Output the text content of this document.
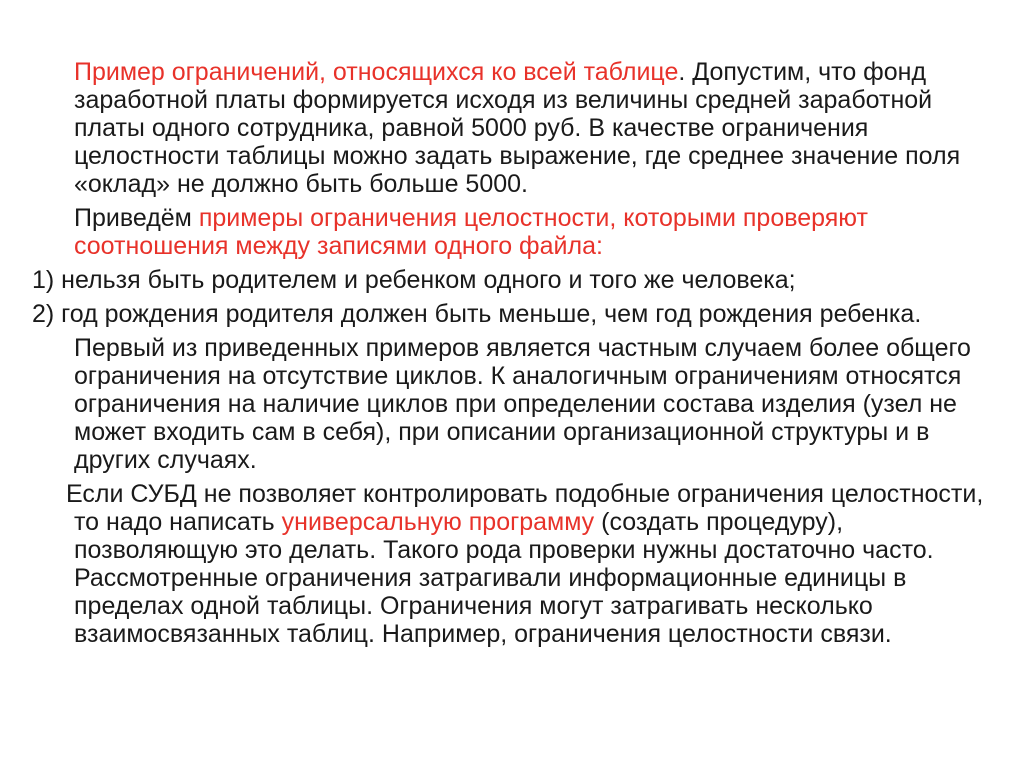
Пример ограничений, относящихся ко всей таблице. Допустим, что фонд заработной платы формируется исходя из величины средней заработной платы одного сотрудника, равной 5000 руб. В качестве ограничения целостности таблицы можно задать выражение, где среднее значение поля «оклад» не должно быть больше 5000.

Приведём примеры ограничения целостности, которыми проверяют соотношения между записями одного файла:

1) нельзя быть родителем и ребенком одного и того же человека;

2) год рождения родителя должен быть меньше, чем год рождения ребенка.

Первый из приведенных примеров является частным случаем более общего ограничения на отсутствие циклов. К аналогичным ограничениям относятся ограничения на наличие циклов при определении состава изделия (узел не может входить сам в себя), при описании организационной структуры и в других случаях.

Если СУБД не позволяет контролировать подобные ограничения целостности, то надо написать универсальную программу (создать процедуру), позволяющую это делать. Такого рода проверки нужны достаточно часто. Рассмотренные ограничения затрагивали информационные единицы в пределах одной таблицы. Ограничения могут затрагивать несколько взаимосвязанных таблиц. Например, ограничения целостности связи.
